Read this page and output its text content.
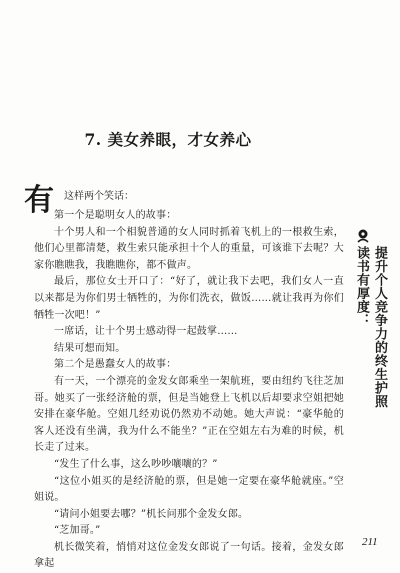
7. 美女养眼，才女养心
有 这样两个笑话：

第一个是聪明女人的故事：

十个男人和一个相貌普通的女人同时抓着飞机上的一根救生索，他们心里都清楚，救生索只能承担十个人的重量，可该谁下去呢？大家你瞧瞧我，我瞧瞧你，都不做声。

最后，那位女士开口了：“好了，就让我下去吧，我们女人一直以来都是为你们男士牺牲的，为你们洗衣，做饭……就让我再为你们牺牲一次吧！”

一席话，让十个男士感动得一起鼓掌……

结果可想而知。

第二个是愚蠢女人的故事：

有一天，一个漂亮的金发女郎乘坐一架航班，要由纽约飞往芝加哥。她买了一张经济舱的票，但是当她登上飞机以后却要求空姐把她安排在豪华舱。空姐几经劝说仍然劝不动她。她大声说：“豪华舱的客人还没有坐满，我为什么不能坐？”正在空姐左右为难的时候，机长走了过来。

“发生了什么事，这么吵吵嚷嚷的？”

“这位小姐买的是经济舱的票，但是她一定要在豪华舱就座。”空姐说。

“请问小姐要去哪？”机长问那个金发女郎。

“芝加哥。”

机长微笑着，悄悄对这位金发女郎说了一句话。接着，金发女郎拿起

读书有厚度： 提升个人竞争力的终生护照
211
